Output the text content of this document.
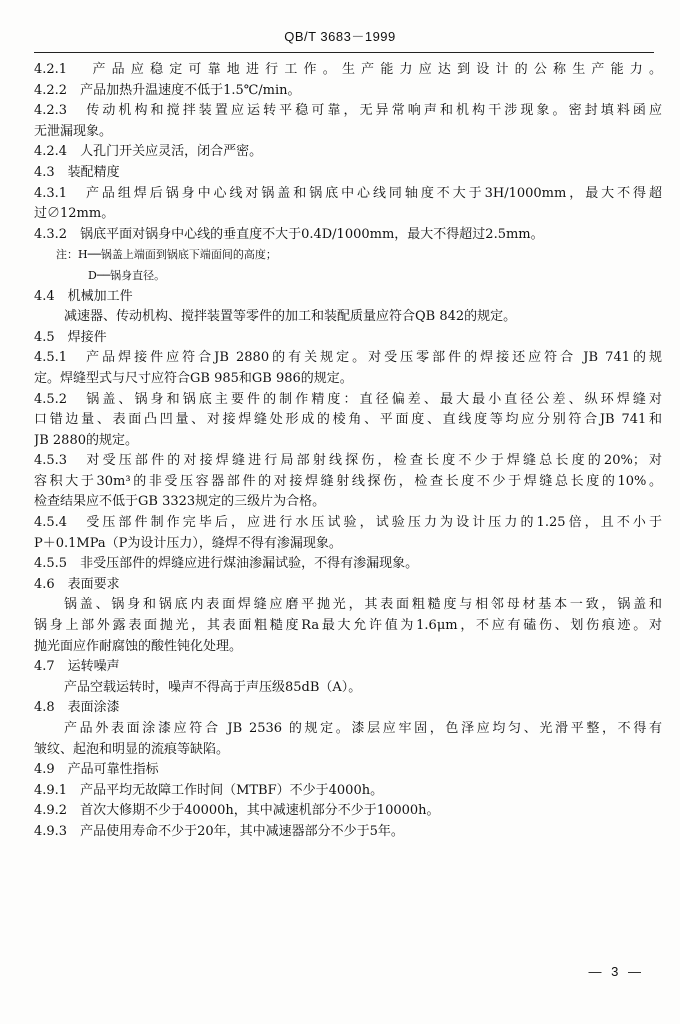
QB/T 3683－1999
4.2.1　产品应稳定可靠地进行工作。生产能力应达到设计的公称生产能力。
4.2.2　产品加热升温速度不低于1.5℃/min。
4.2.3　传动机构和搅拌装置应运转平稳可靠，无异常响声和机构干涉现象。密封填料函应
无泄漏现象。
4.2.4　人孔门开关应灵活，闭合严密。
4.3　装配精度
4.3.1　产品组焊后锅身中心线对锅盖和锅底中心线同轴度不大于3H/1000mm，最大不得超
过∅12mm。
4.3.2　锅底平面对锅身中心线的垂直度不大于0.4D/1000mm，最大不得超过2.5mm。
注：H──锅盖上端面到锅底下端面间的高度；
D──锅身直径。
4.4　机械加工件
减速器、传动机构、搅拌装置等零件的加工和装配质量应符合QB 842的规定。
4.5　焊接件
4.5.1　产品焊接件应符合JB 2880的有关规定。对受压零部件的焊接还应符合 JB 741的规
定。焊缝型式与尺寸应符合GB 985和GB 986的规定。
4.5.2　锅盖、锅身和锅底主要件的制作精度：直径偏差、最大最小直径公差、纵环焊缝对
口错边量、表面凸凹量、对接焊缝处形成的棱角、平面度、直线度等均应分别符合JB 741和
JB 2880的规定。
4.5.3　对受压部件的对接焊缝进行局部射线探伤，检查长度不少于焊缝总长度的20%；对
容积大于30m³的非受压容器部件的对接焊缝射线探伤，检查长度不少于焊缝总长度的10%。
检查结果应不低于GB 3323规定的三级片为合格。
4.5.4　受压部件制作完毕后，应进行水压试验，试验压力为设计压力的1.25倍，且不小于
P＋0.1MPa（P为设计压力），缝焊不得有渗漏现象。
4.5.5　非受压部件的焊缝应进行煤油渗漏试验，不得有渗漏现象。
4.6　表面要求
锅盖、锅身和锅底内表面焊缝应磨平抛光，其表面粗糙度与相邻母材基本一致，锅盖和
锅身上部外露表面抛光，其表面粗糙度Ra最大允许值为1.6μm，不应有磕伤、划伤痕迹。对
抛光面应作耐腐蚀的酸性钝化处理。
4.7　运转噪声
产品空载运转时，噪声不得高于声压级85dB（A）。
4.8　表面涂漆
产品外表面涂漆应符合 JB 2536 的规定。漆层应牢固，色泽应均匀、光滑平整，不得有
皱纹、起泡和明显的流痕等缺陷。
4.9　产品可靠性指标
4.9.1　产品平均无故障工作时间（MTBF）不少于4000h。
4.9.2　首次大修期不少于40000h，其中减速机部分不少于10000h。
4.9.3　产品使用寿命不少于20年，其中减速器部分不少于5年。
— 3 —
